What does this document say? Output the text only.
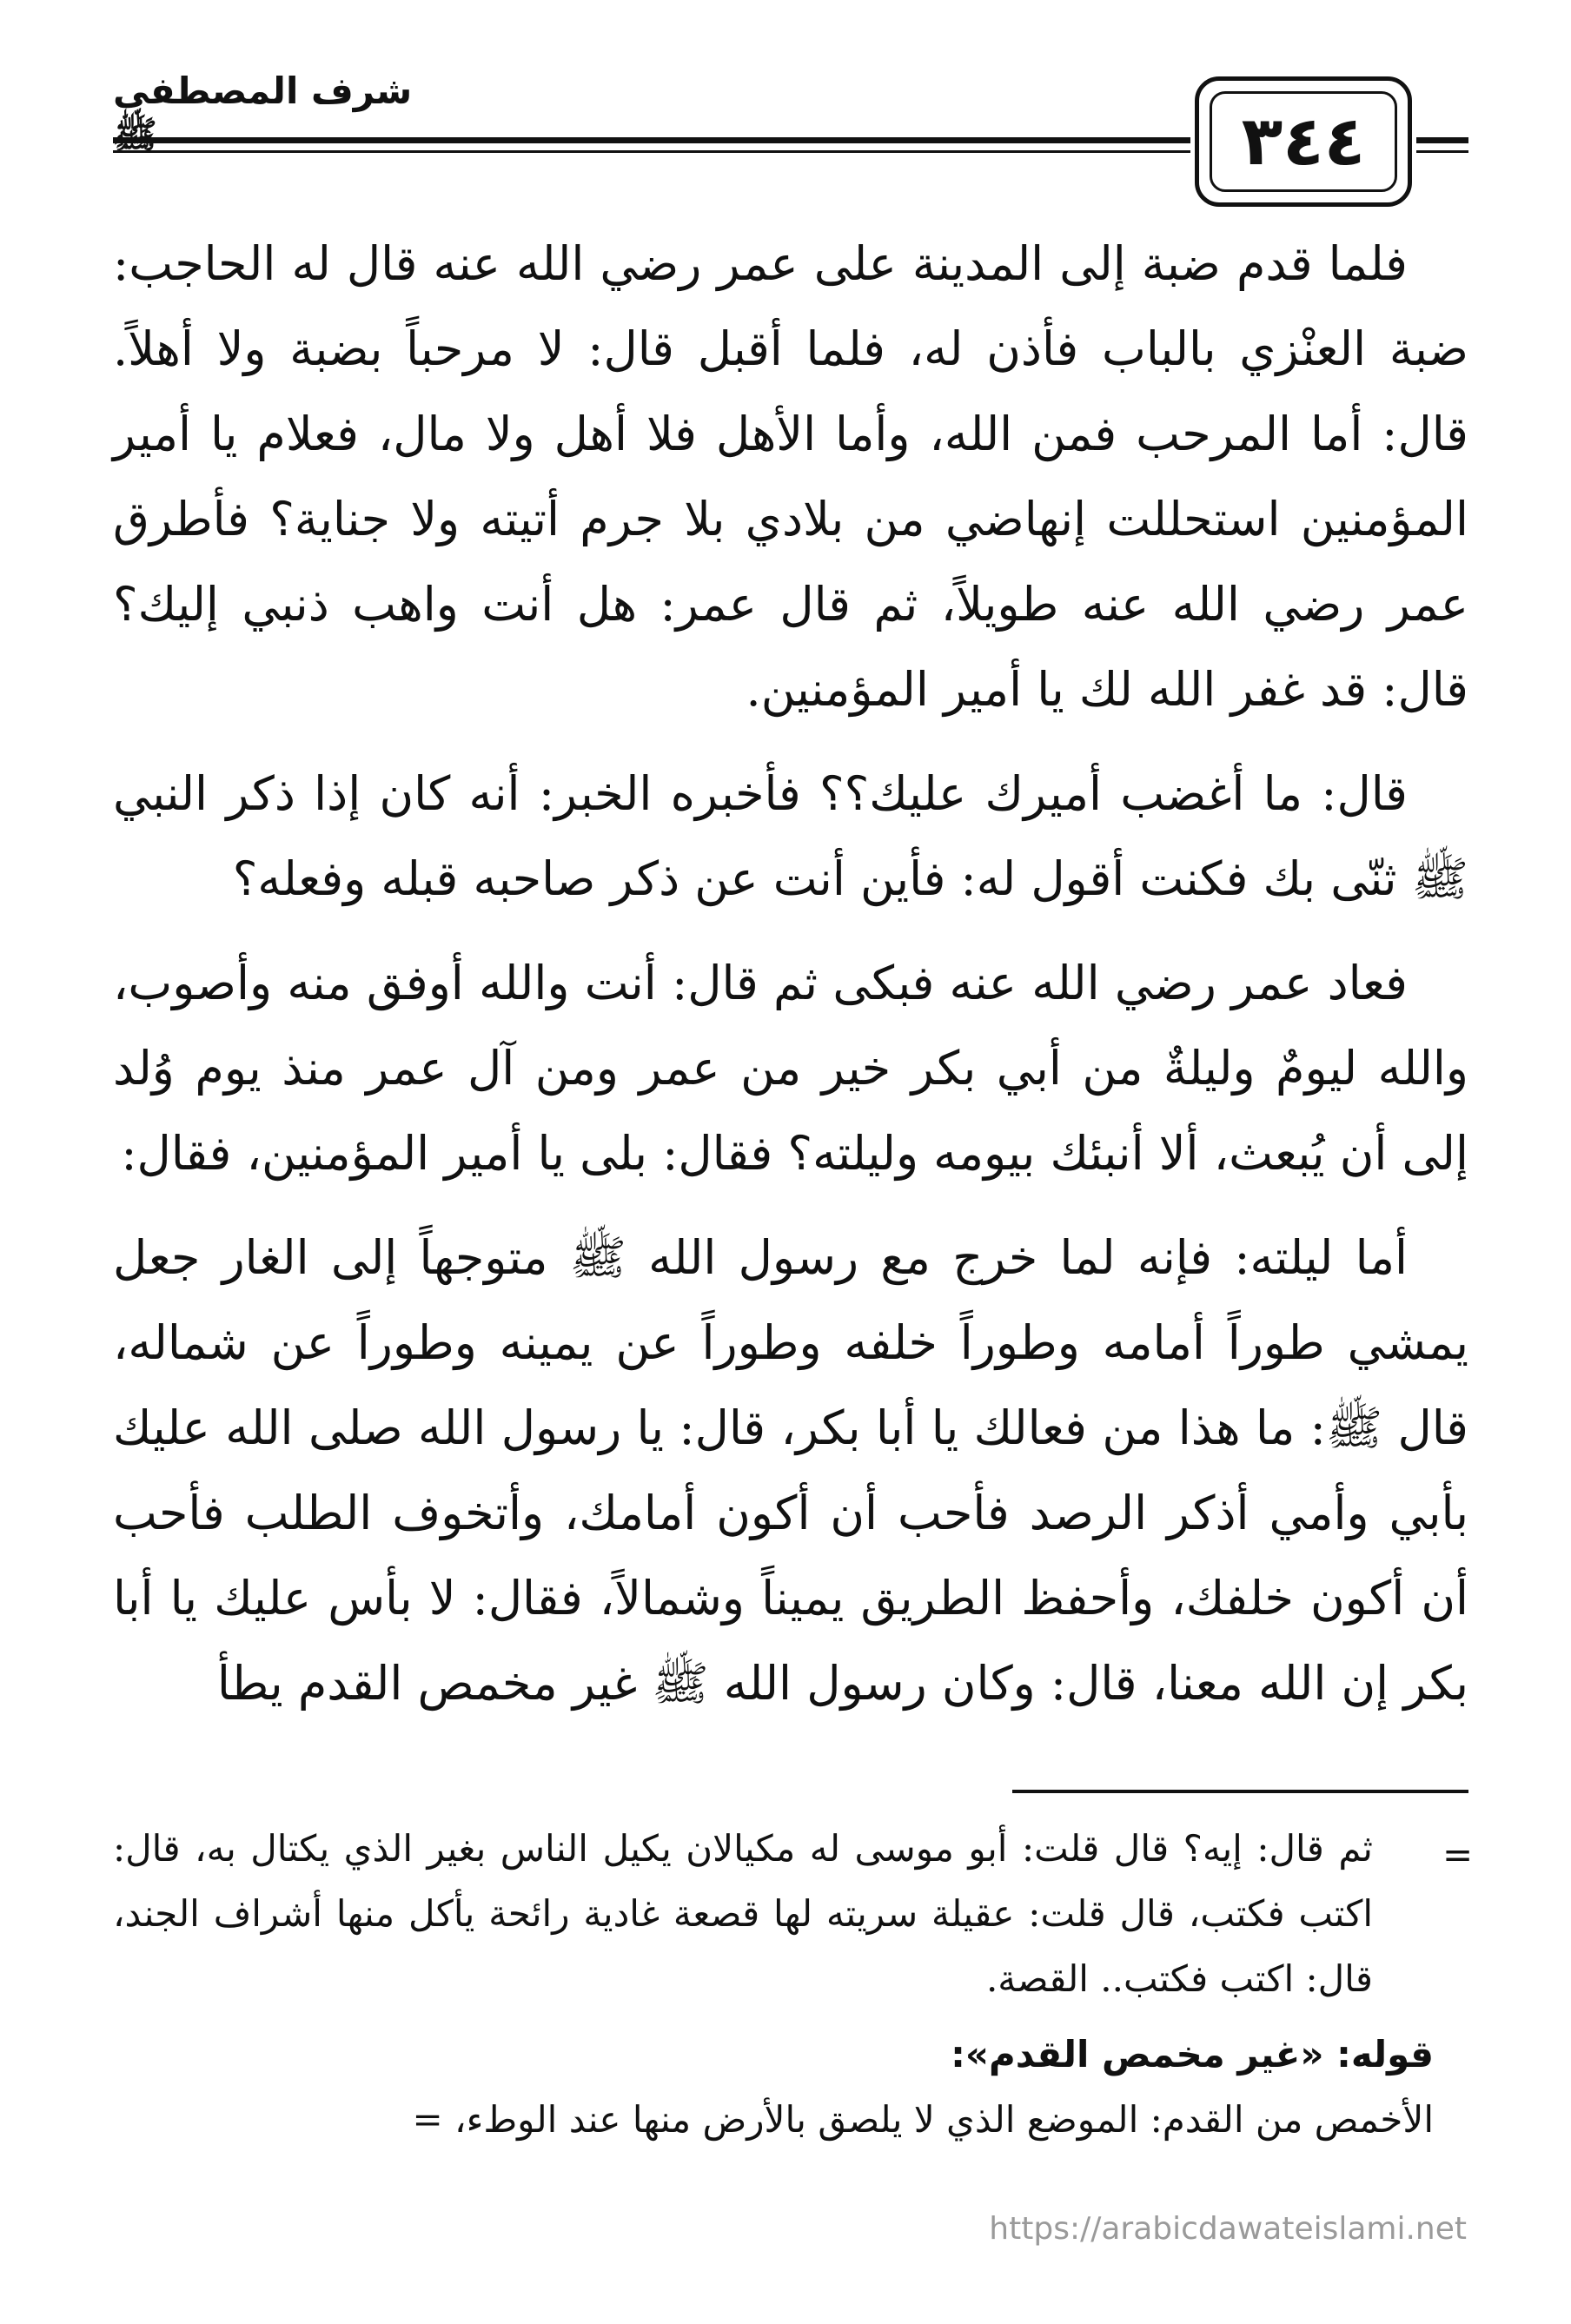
٣٤٤
شرف المصطفى ﷺ

فلما قدم ضبة إلى المدينة على عمر رضي الله عنه قال له الحاجب: ضبة العنْزي بالباب فأذن له، فلما أقبل قال: لا مرحباً بضبة ولا أهلاً. قال: أما المرحب فمن الله، وأما الأهل فلا أهل ولا مال، فعلام يا أمير المؤمنين استحللت إنهاضي من بلادي بلا جرم أتيته ولا جناية؟ فأطرق عمر رضي الله عنه طويلاً، ثم قال عمر: هل أنت واهب ذنبي إليك؟ قال: قد غفر الله لك يا أمير المؤمنين.

قال: ما أغضب أميرك عليك؟؟ فأخبره الخبر: أنه كان إذا ذكر النبي ﷺ ثنّى بك فكنت أقول له: فأين أنت عن ذكر صاحبه قبله وفعله؟

فعاد عمر رضي الله عنه فبكى ثم قال: أنت والله أوفق منه وأصوب، والله ليومٌ وليلةٌ من أبي بكر خير من عمر ومن آل عمر منذ يوم وُلد إلى أن يُبعث، ألا أنبئك بيومه وليلته؟ فقال: بلى يا أمير المؤمنين، فقال:

أما ليلته: فإنه لما خرج مع رسول الله ﷺ متوجهاً إلى الغار جعل يمشي طوراً أمامه وطوراً خلفه وطوراً عن يمينه وطوراً عن شماله، قال ﷺ: ما هذا من فعالك يا أبا بكر، قال: يا رسول الله صلى الله عليك بأبي وأمي أذكر الرصد فأحب أن أكون أمامك، وأتخوف الطلب فأحب أن أكون خلفك، وأحفظ الطريق يميناً وشمالاً، فقال: لا بأس عليك يا أبا بكر إن الله معنا، قال: وكان رسول الله ﷺ غير مخمص القدم يطأ

=

ثم قال: إيه؟ قال قلت: أبو موسى له مكيالان يكيل الناس بغير الذي يكتال به، قال: اكتب فكتب، قال قلت: عقيلة سريته لها قصعة غادية رائحة يأكل منها أشراف الجند، قال: اكتب فكتب.. القصة.

قوله: «غير مخمص القدم»:

الأخمص من القدم: الموضع الذي لا يلصق بالأرض منها عند الوطء، =

https://arabicdawateislami.net
